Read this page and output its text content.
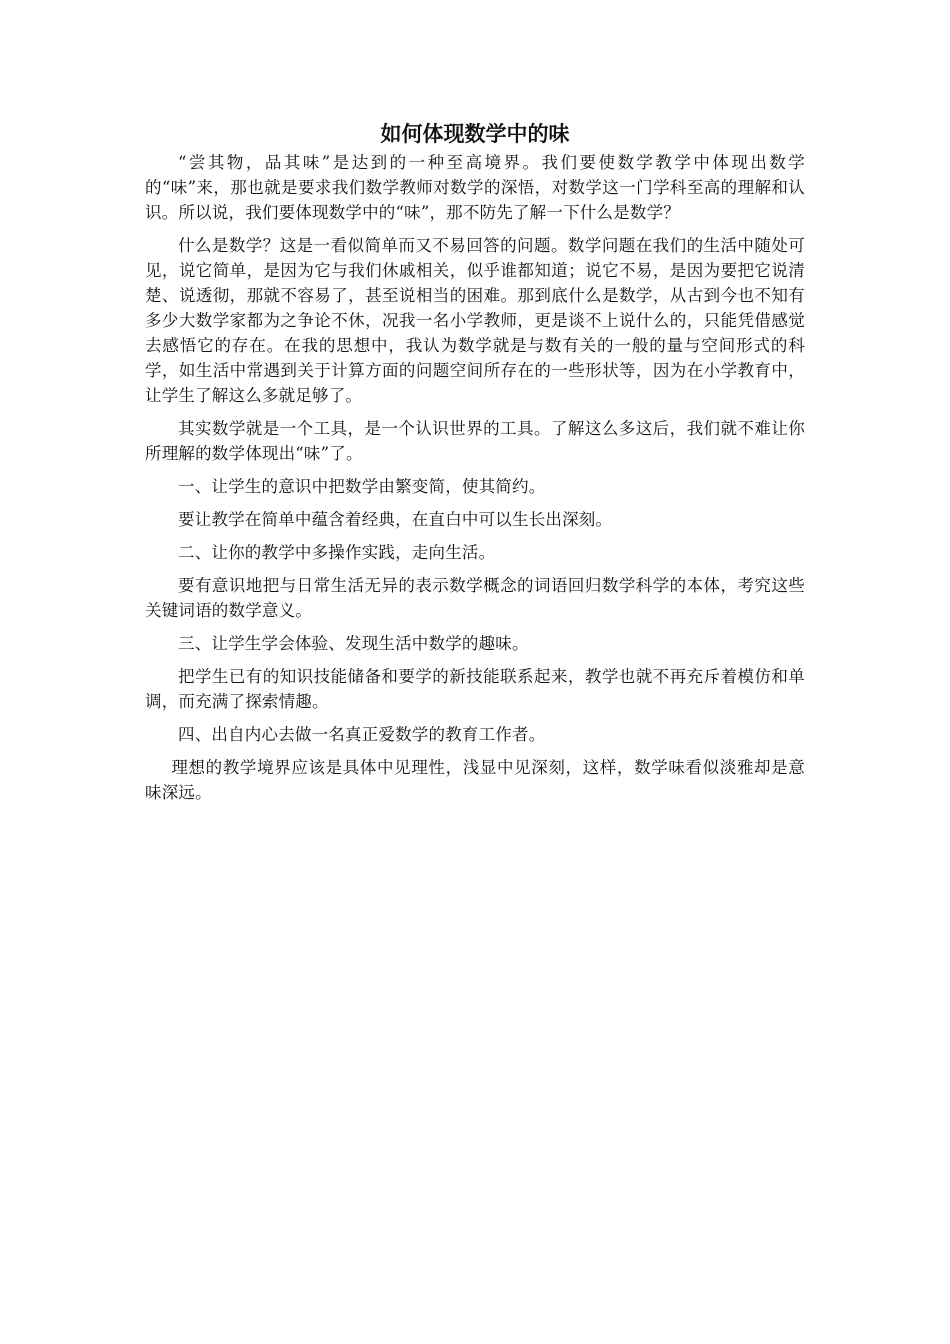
如何体现数学中的味

“尝其物，品其味”是达到的一种至高境界。我们要使数学教学中体现出数学的“味”来，那也就是要求我们数学教师对数学的深悟，对数学这一门学科至高的理解和认识。所以说，我们要体现数学中的“味”，那不防先了解一下什么是数学？

什么是数学？这是一看似简单而又不易回答的问题。数学问题在我们的生活中随处可见，说它简单，是因为它与我们休戚相关，似乎谁都知道；说它不易，是因为要把它说清楚、说透彻，那就不容易了，甚至说相当的困难。那到底什么是数学，从古到今也不知有多少大数学家都为之争论不休，况我一名小学教师，更是谈不上说什么的，只能凭借感觉去感悟它的存在。在我的思想中，我认为数学就是与数有关的一般的量与空间形式的科学，如生活中常遇到关于计算方面的问题空间所存在的一些形状等，因为在小学教育中，让学生了解这么多就足够了。

其实数学就是一个工具，是一个认识世界的工具。了解这么多这后，我们就不难让你所理解的数学体现出“味”了。

一、让学生的意识中把数学由繁变简，使其简约。

要让教学在简单中蕴含着经典，在直白中可以生长出深刻。

二、让你的教学中多操作实践，走向生活。

要有意识地把与日常生活无异的表示数学概念的词语回归数学科学的本体，考究这些关键词语的数学意义。

三、让学生学会体验、发现生活中数学的趣味。

把学生已有的知识技能储备和要学的新技能联系起来，教学也就不再充斥着模仿和单调，而充满了探索情趣。

四、出自内心去做一名真正爱数学的教育工作者。

理想的教学境界应该是具体中见理性，浅显中见深刻，这样，数学味看似淡雅却是意味深远。
